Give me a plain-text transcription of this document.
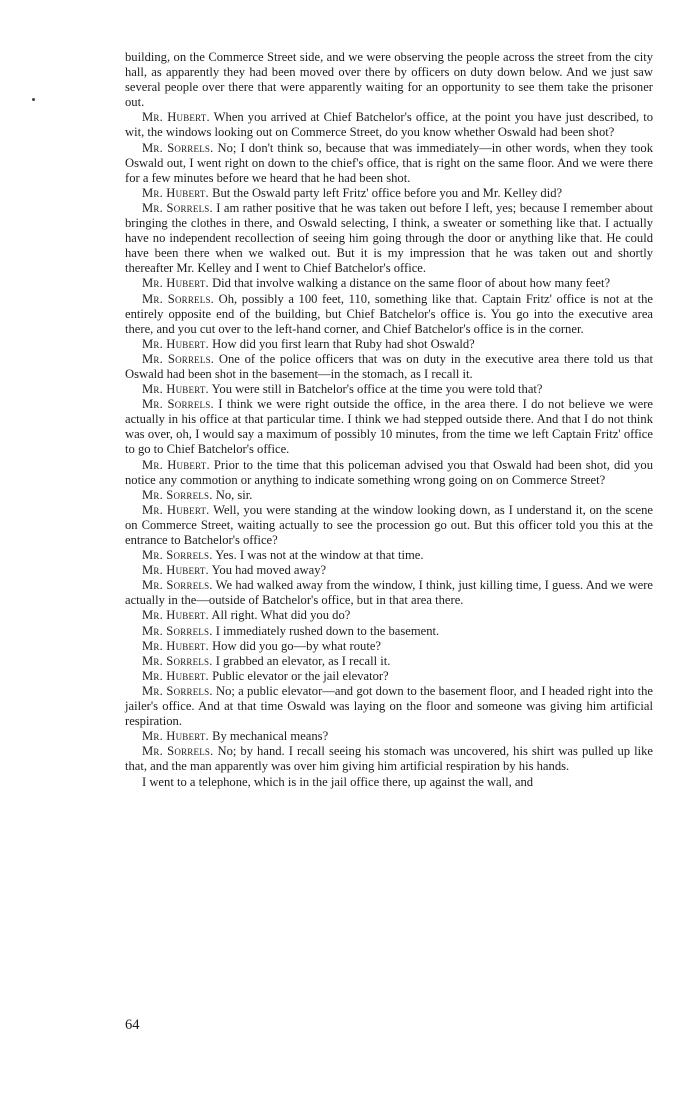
building, on the Commerce Street side, and we were observing the people across the street from the city hall, as apparently they had been moved over there by officers on duty down below. And we just saw several people over there that were apparently waiting for an opportunity to see them take the prisoner out.

Mr. Hubert. When you arrived at Chief Batchelor's office, at the point you have just described, to wit, the windows looking out on Commerce Street, do you know whether Oswald had been shot?

Mr. Sorrels. No; I don't think so, because that was immediately—in other words, when they took Oswald out, I went right on down to the chief's office, that is right on the same floor. And we were there for a few minutes before we heard that he had been shot.

Mr. Hubert. But the Oswald party left Fritz' office before you and Mr. Kelley did?

Mr. Sorrels. I am rather positive that he was taken out before I left, yes; because I remember about bringing the clothes in there, and Oswald selecting, I think, a sweater or something like that. I actually have no independent recollection of seeing him going through the door or anything like that. He could have been there when we walked out. But it is my impression that he was taken out and shortly thereafter Mr. Kelley and I went to Chief Batchelor's office.

Mr. Hubert. Did that involve walking a distance on the same floor of about how many feet?

Mr. Sorrels. Oh, possibly a 100 feet, 110, something like that. Captain Fritz' office is not at the entirely opposite end of the building, but Chief Batchelor's office is. You go into the executive area there, and you cut over to the left-hand corner, and Chief Batchelor's office is in the corner.

Mr. Hubert. How did you first learn that Ruby had shot Oswald?

Mr. Sorrels. One of the police officers that was on duty in the executive area there told us that Oswald had been shot in the basement—in the stomach, as I recall it.

Mr. Hubert. You were still in Batchelor's office at the time you were told that?

Mr. Sorrels. I think we were right outside the office, in the area there. I do not believe we were actually in his office at that particular time. I think we had stepped outside there. And that I do not think was over, oh, I would say a maximum of possibly 10 minutes, from the time we left Captain Fritz' office to go to Chief Batchelor's office.

Mr. Hubert. Prior to the time that this policeman advised you that Oswald had been shot, did you notice any commotion or anything to indicate something wrong going on on Commerce Street?

Mr. Sorrels. No, sir.

Mr. Hubert. Well, you were standing at the window looking down, as I understand it, on the scene on Commerce Street, waiting actually to see the procession go out. But this officer told you this at the entrance to Batchelor's office?

Mr. Sorrels. Yes. I was not at the window at that time.

Mr. Hubert. You had moved away?

Mr. Sorrels. We had walked away from the window, I think, just killing time, I guess. And we were actually in the—outside of Batchelor's office, but in that area there.

Mr. Hubert. All right. What did you do?

Mr. Sorrels. I immediately rushed down to the basement.

Mr. Hubert. How did you go—by what route?

Mr. Sorrels. I grabbed an elevator, as I recall it.

Mr. Hubert. Public elevator or the jail elevator?

Mr. Sorrels. No; a public elevator—and got down to the basement floor, and I headed right into the jailer's office. And at that time Oswald was laying on the floor and someone was giving him artificial respiration.

Mr. Hubert. By mechanical means?

Mr. Sorrels. No; by hand. I recall seeing his stomach was uncovered, his shirt was pulled up like that, and the man apparently was over him giving him artificial respiration by his hands.

I went to a telephone, which is in the jail office there, up against the wall, and

64
